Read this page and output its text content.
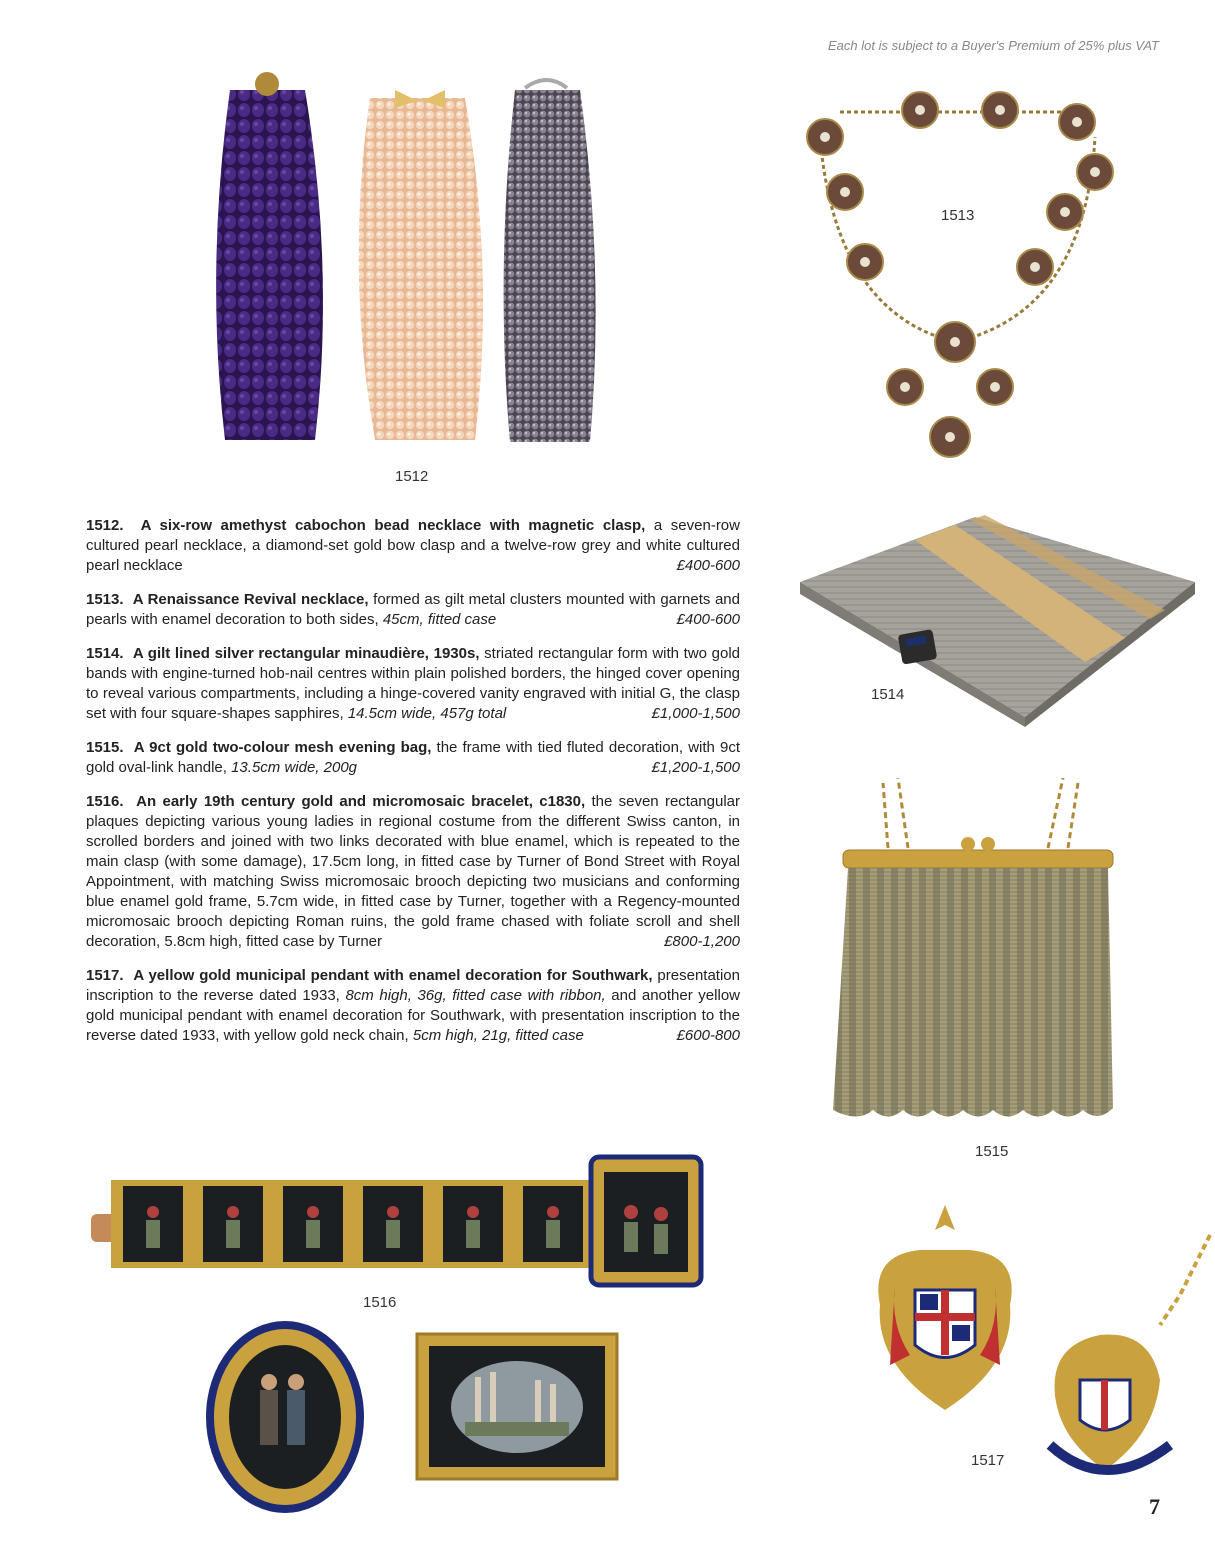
Each lot is subject to a Buyer's Premium of 25% plus VAT
1512
1513
1514
1515

1512. A six-row amethyst cabochon bead necklace with magnetic clasp, a seven-row cultured pearl necklace, a diamond-set gold bow clasp and a twelve-row grey and white cultured pearl necklace	£400-600

1513. A Renaissance Revival necklace, formed as gilt metal clusters mounted with garnets and pearls with enamel decoration to both sides, 45cm, fitted case	£400-600

1514. A gilt lined silver rectangular minaudière, 1930s, striated rectangular form with two gold bands with engine-turned hob-nail centres within plain polished borders, the hinged cover opening to reveal various compartments, including a hinge-covered vanity engraved with initial G, the clasp set with four square-shapes sapphires, 14.5cm wide, 457g total	£1,000-1,500

1515. A 9ct gold two-colour mesh evening bag, the frame with tied fluted decoration, with 9ct gold oval-link handle, 13.5cm wide, 200g	£1,200-1,500

1516. An early 19th century gold and micromosaic bracelet, c1830, the seven rectangular plaques depicting various young ladies in regional costume from the different Swiss canton, in scrolled borders and joined with two links decorated with blue enamel, which is repeated to the main clasp (with some damage), 17.5cm long, in fitted case by Turner of Bond Street with Royal Appointment, with matching Swiss micromosaic brooch depicting two musicians and conforming blue enamel gold frame, 5.7cm wide, in fitted case by Turner, together with a Regency-mounted micromosaic brooch depicting Roman ruins, the gold frame chased with foliate scroll and shell decoration, 5.8cm high, fitted case by Turner	£800-1,200

1517. A yellow gold municipal pendant with enamel decoration for Southwark, presentation inscription to the reverse dated 1933, 8cm high, 36g, fitted case with ribbon, and another yellow gold municipal pendant with enamel decoration for Southwark, with presentation inscription to the reverse dated 1933, with yellow gold neck chain, 5cm high, 21g, fitted case	£600-800

1516
1517
7
